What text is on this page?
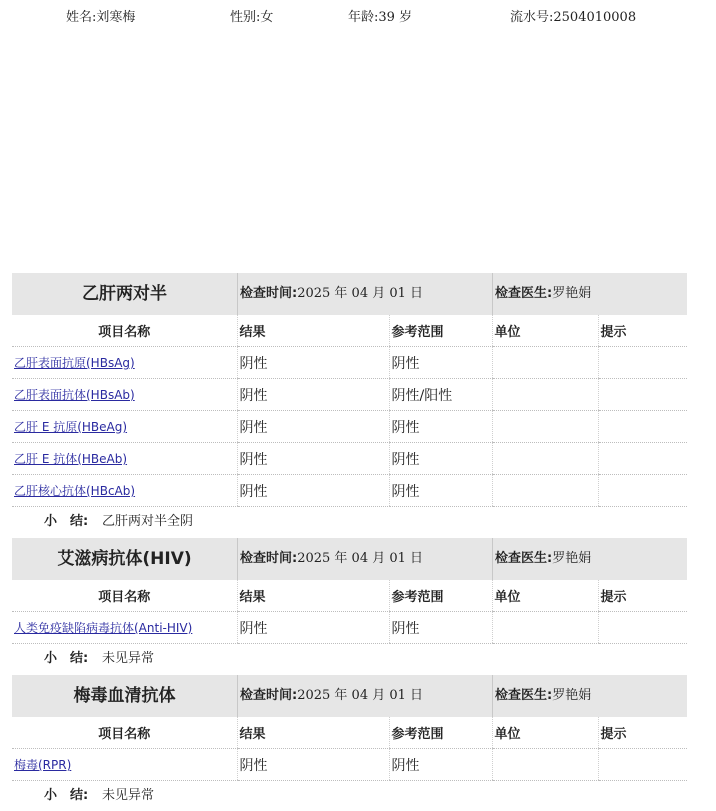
姓名:刘寒梅	性别:女	年龄:39 岁	流水号:2504010008
乙肝两对半	检查时间:2025 年 04 月 01 日	检查医生:罗艳娟
项目名称	结果	参考范围	单位	提示
乙肝表面抗原(HBsAg)	阴性	阴性		
乙肝表面抗体(HBsAb)	阴性	阴性/阳性		
乙肝 E 抗原(HBeAg)	阴性	阴性		
乙肝 E 抗体(HBeAb)	阴性	阴性		
乙肝核心抗体(HBcAb)	阴性	阴性		
小　结: 乙肝两对半全阴
艾滋病抗体(HIV)	检查时间:2025 年 04 月 01 日	检查医生:罗艳娟
项目名称	结果	参考范围	单位	提示
人类免疫缺陷病毒抗体(Anti-HIV)	阴性	阴性		
小　结: 未见异常
梅毒血清抗体	检查时间:2025 年 04 月 01 日	检查医生:罗艳娟
项目名称	结果	参考范围	单位	提示
梅毒(RPR)	阴性	阴性		
小　结: 未见异常
